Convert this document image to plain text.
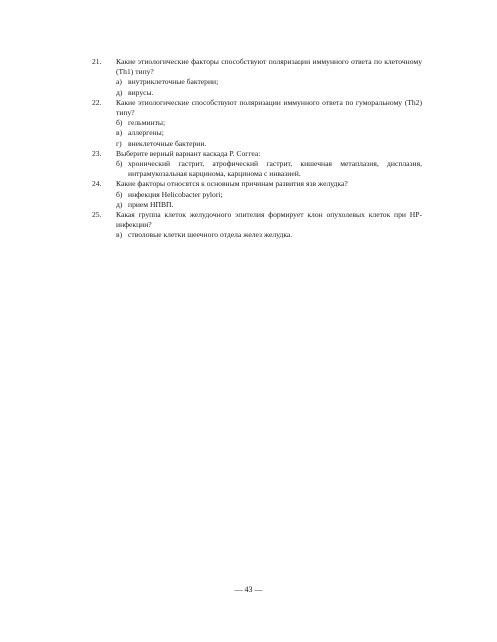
21.	Какие этиологические факторы способствуют поляризации иммунного ответа по клеточному (Th1) типу?
а) внутриклеточные бактерии;
д) вирусы.
22.	Какие этиологические способствуют поляризации иммунного ответа по гуморальному (Th2) типу?
б) гельминты;
в) аллергены;
г) внеклеточные бактерии.
23.	Выберите верный вариант каскада Р. Соггеа:
б) хронический гастрит, атрофический гастрит, кишечная метаплазия, дисплазия, интрамукозальная карцинома, карцинома с инвазией.
24.	Какие факторы относятся к основным причинам развития язв желудка?
б) инфекция Helicobacter pylori;
д) прием НПВП.
25.	Какая группа клеток желудочного эпителия формирует клон опухолевых клеток при НР-инфекции?
в) стволовые клетки шеечного отдела желез желудка.
— 43 —
